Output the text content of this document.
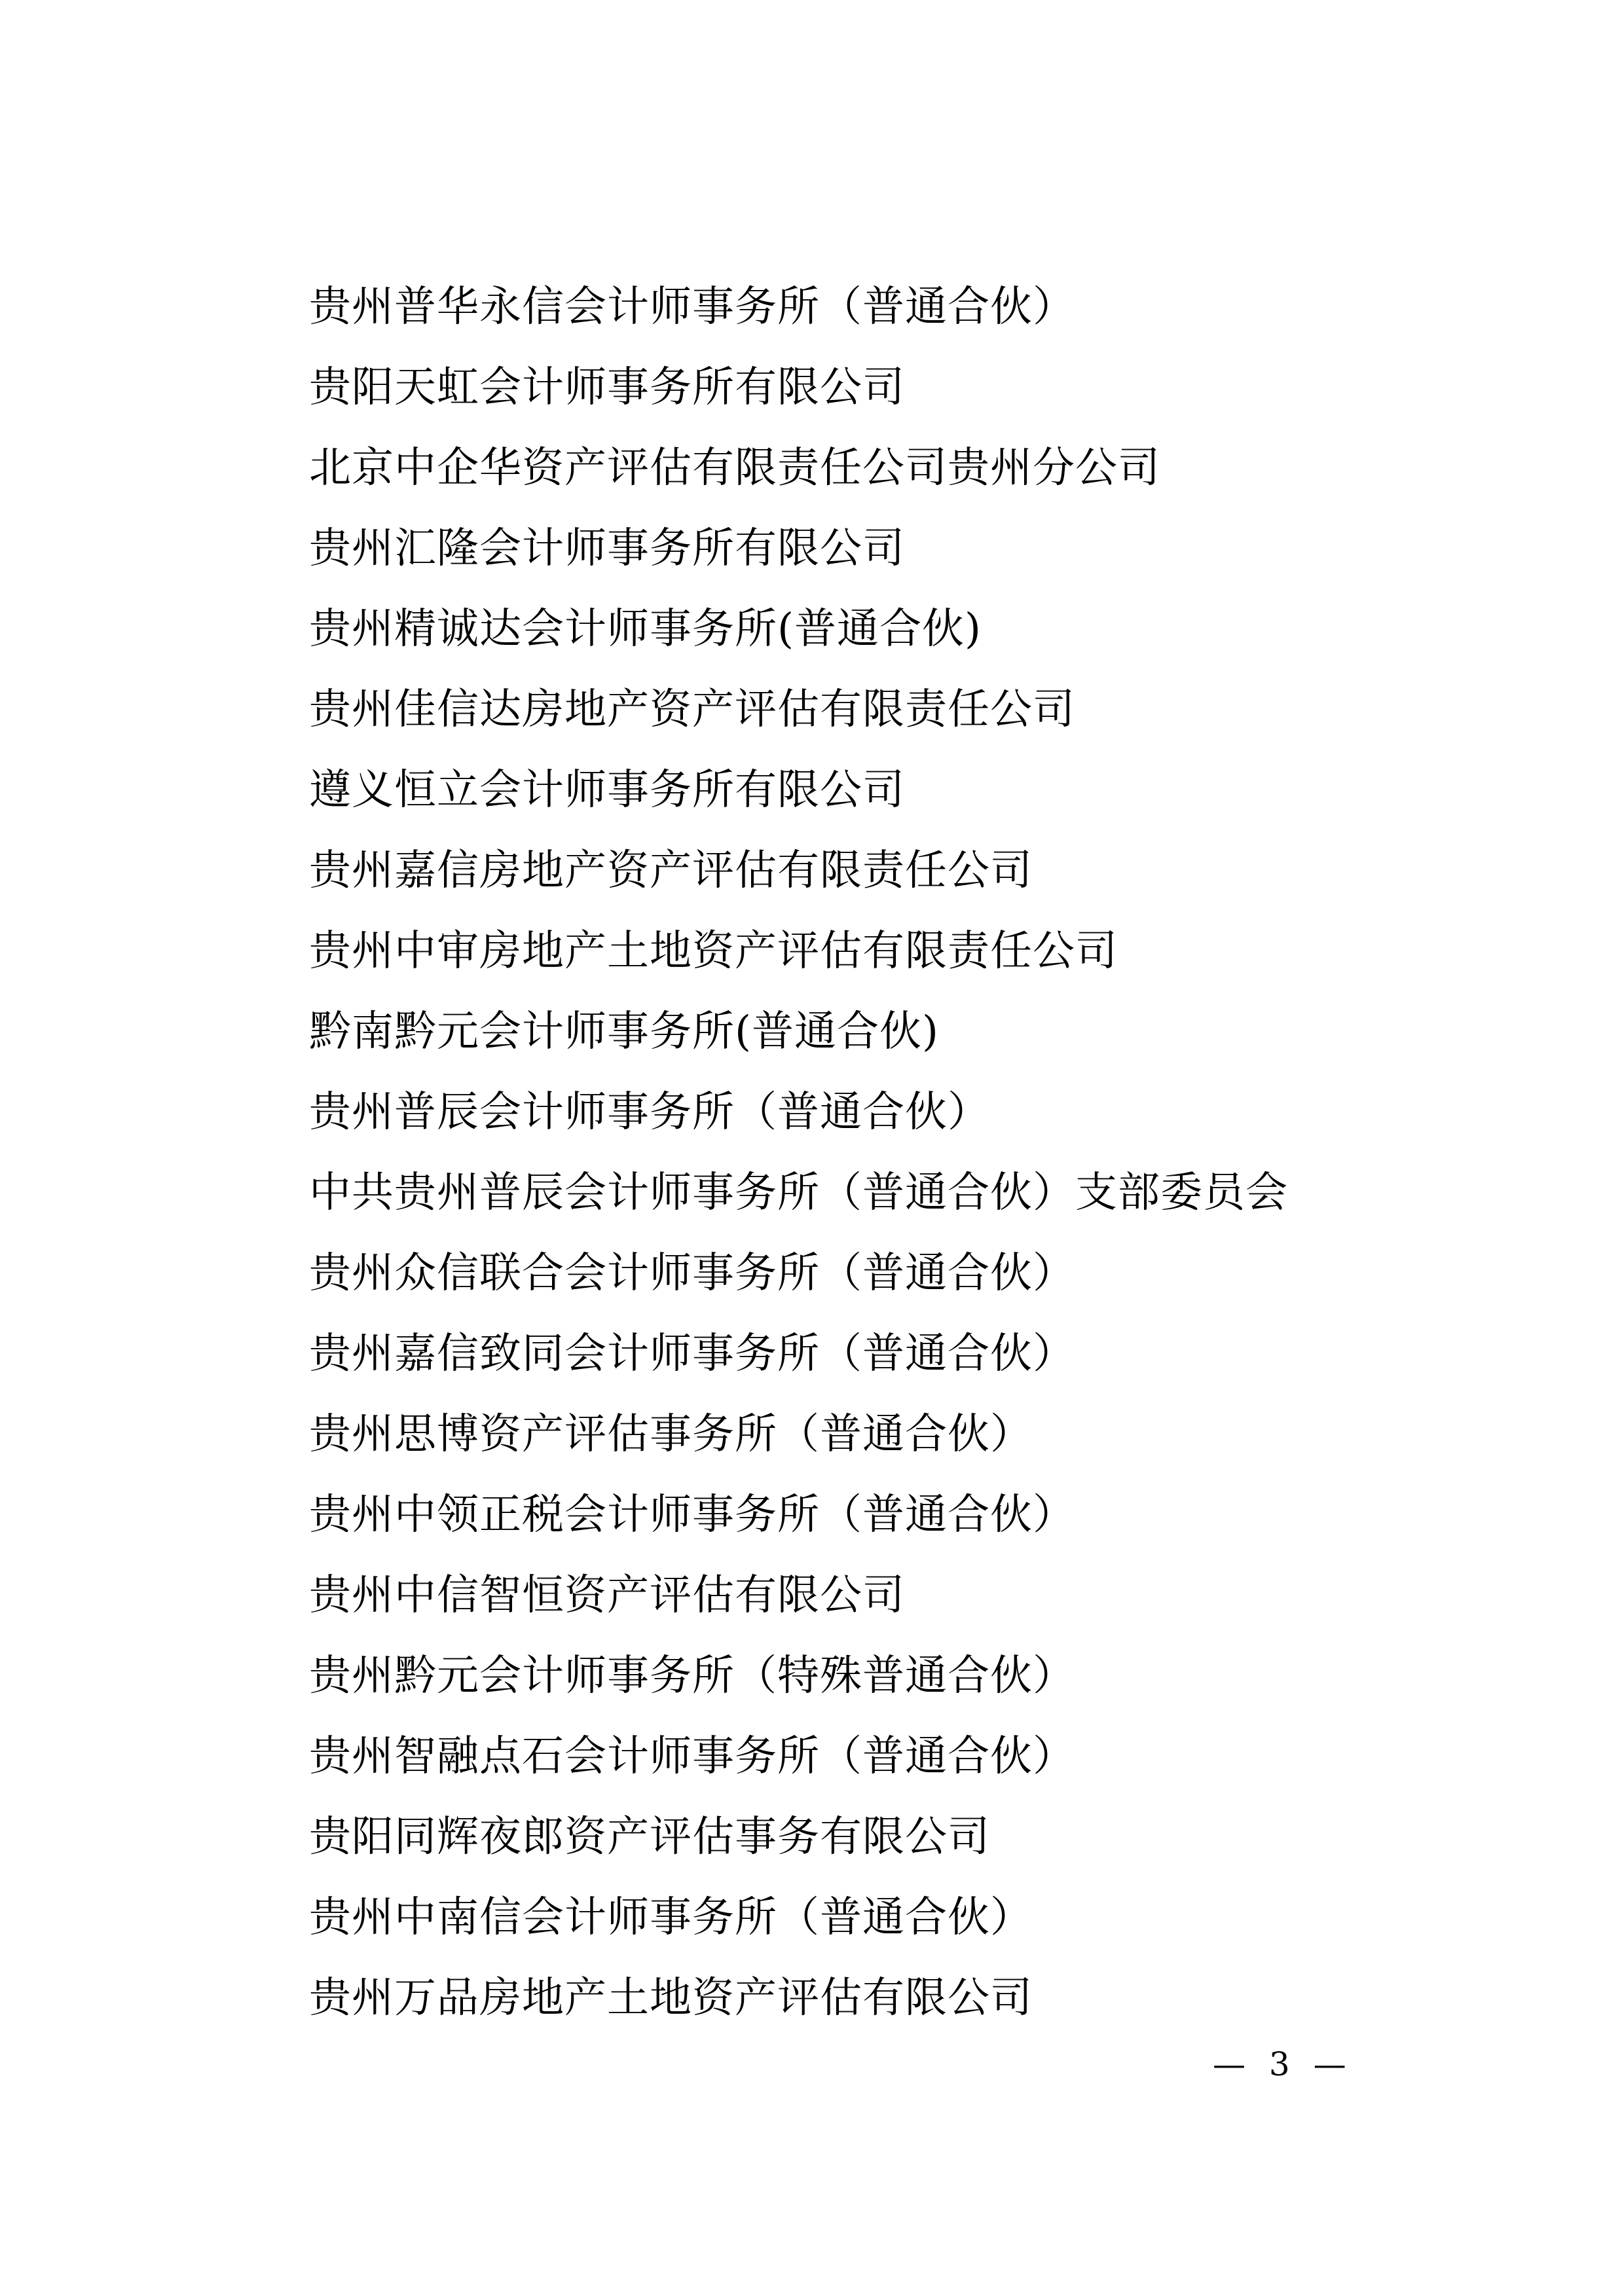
贵州普华永信会计师事务所（普通合伙）
贵阳天虹会计师事务所有限公司
北京中企华资产评估有限责任公司贵州分公司
贵州汇隆会计师事务所有限公司
贵州精诚达会计师事务所(普通合伙)
贵州佳信达房地产资产评估有限责任公司
遵义恒立会计师事务所有限公司
贵州嘉信房地产资产评估有限责任公司
贵州中审房地产土地资产评估有限责任公司
黔南黔元会计师事务所(普通合伙)
贵州普辰会计师事务所（普通合伙）
中共贵州普辰会计师事务所（普通合伙）支部委员会
贵州众信联合会计师事务所（普通合伙）
贵州嘉信致同会计师事务所（普通合伙）
贵州思博资产评估事务所（普通合伙）
贵州中领正税会计师事务所（普通合伙）
贵州中信智恒资产评估有限公司
贵州黔元会计师事务所（特殊普通合伙）
贵州智融点石会计师事务所（普通合伙）
贵阳同辉夜郎资产评估事务有限公司
贵州中南信会计师事务所（普通合伙）
贵州万品房地产土地资产评估有限公司
— 3 —
